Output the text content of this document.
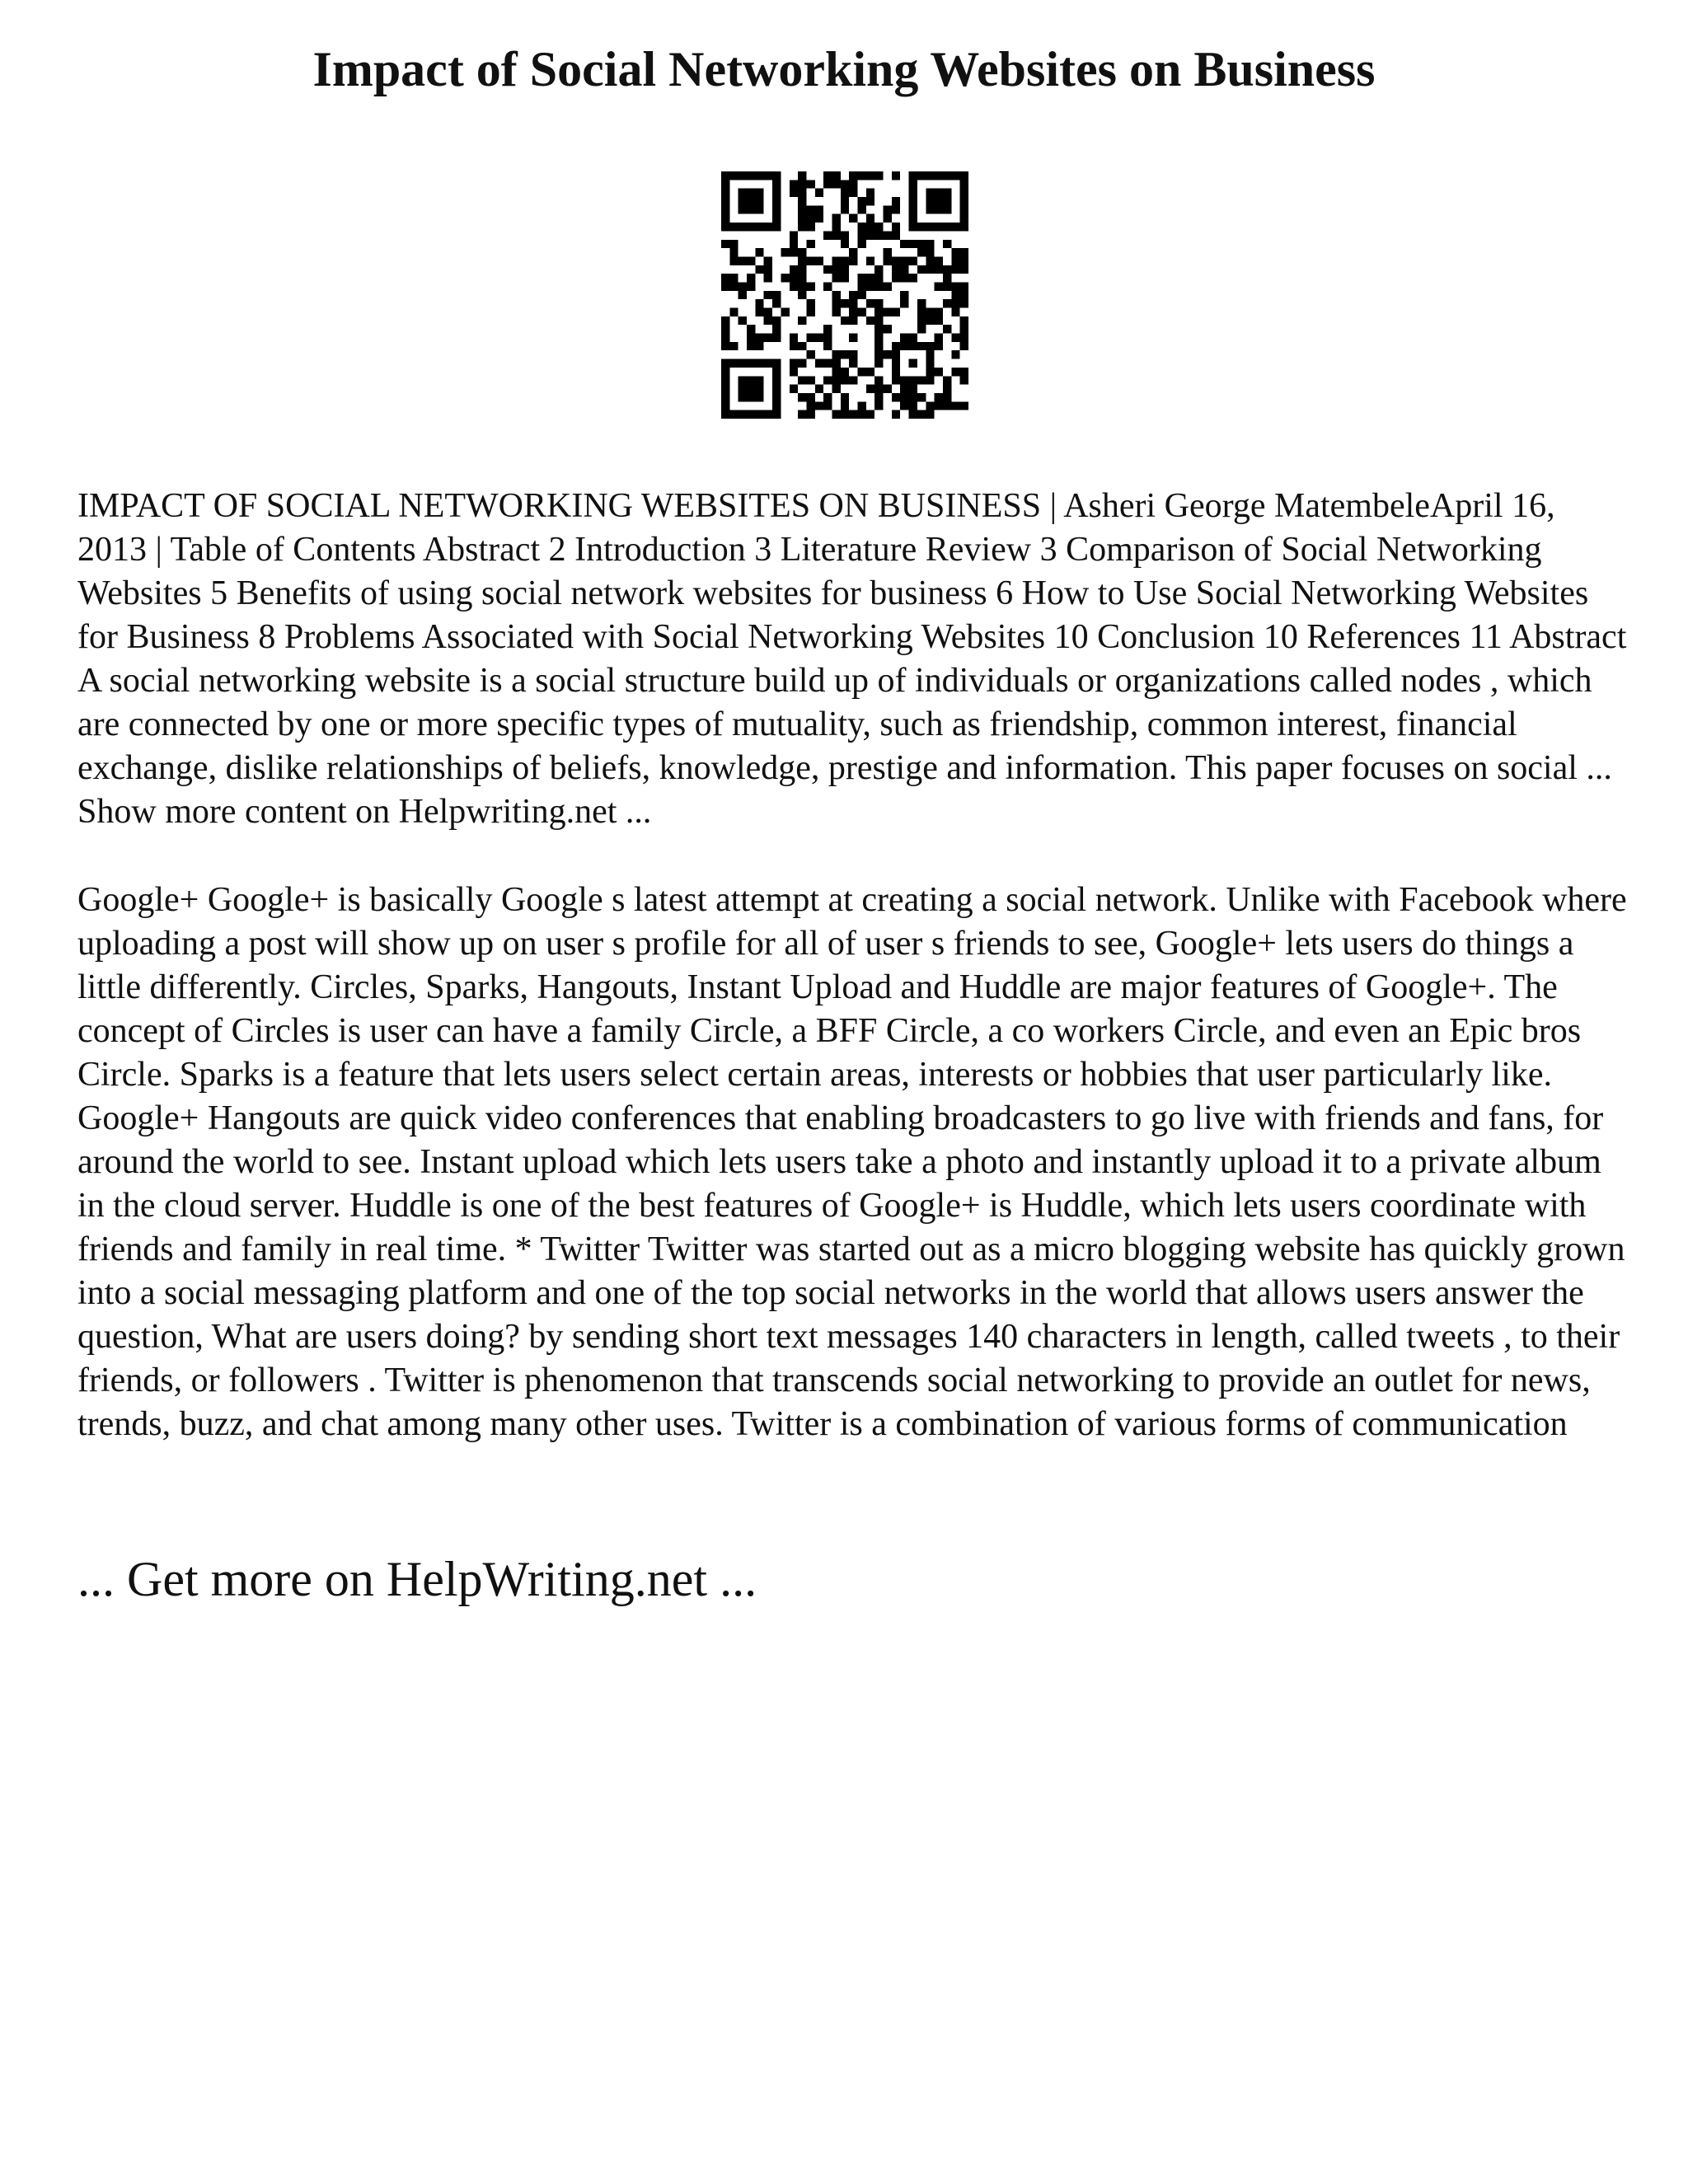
Impact of Social Networking Websites on Business

IMPACT OF SOCIAL NETWORKING WEBSITES ON BUSINESS | Asheri George MatembeleApril 16, 2013 | Table of Contents Abstract 2 Introduction 3 Literature Review 3 Comparison of Social Networking Websites 5 Benefits of using social network websites for business 6 How to Use Social Networking Websites for Business 8 Problems Associated with Social Networking Websites 10 Conclusion 10 References 11 Abstract A social networking website is a social structure build up of individuals or organizations called nodes , which are connected by one or more specific types of mutuality, such as friendship, common interest, financial exchange, dislike relationships of beliefs, knowledge, prestige and information. This paper focuses on social ... Show more content on Helpwriting.net ...

Google+ Google+ is basically Google s latest attempt at creating a social network. Unlike with Facebook where uploading a post will show up on user s profile for all of user s friends to see, Google+ lets users do things a little differently. Circles, Sparks, Hangouts, Instant Upload and Huddle are major features of Google+. The concept of Circles is user can have a family Circle, a BFF Circle, a co workers Circle, and even an Epic bros Circle. Sparks is a feature that lets users select certain areas, interests or hobbies that user particularly like. Google+ Hangouts are quick video conferences that enabling broadcasters to go live with friends and fans, for around the world to see. Instant upload which lets users take a photo and instantly upload it to a private album in the cloud server. Huddle is one of the best features of Google+ is Huddle, which lets users coordinate with friends and family in real time. * Twitter Twitter was started out as a micro blogging website has quickly grown into a social messaging platform and one of the top social networks in the world that allows users answer the question, What are users doing? by sending short text messages 140 characters in length, called tweets , to their friends, or followers . Twitter is phenomenon that transcends social networking to provide an outlet for news, trends, buzz, and chat among many other uses. Twitter is a combination of various forms of communication

... Get more on HelpWriting.net ...
